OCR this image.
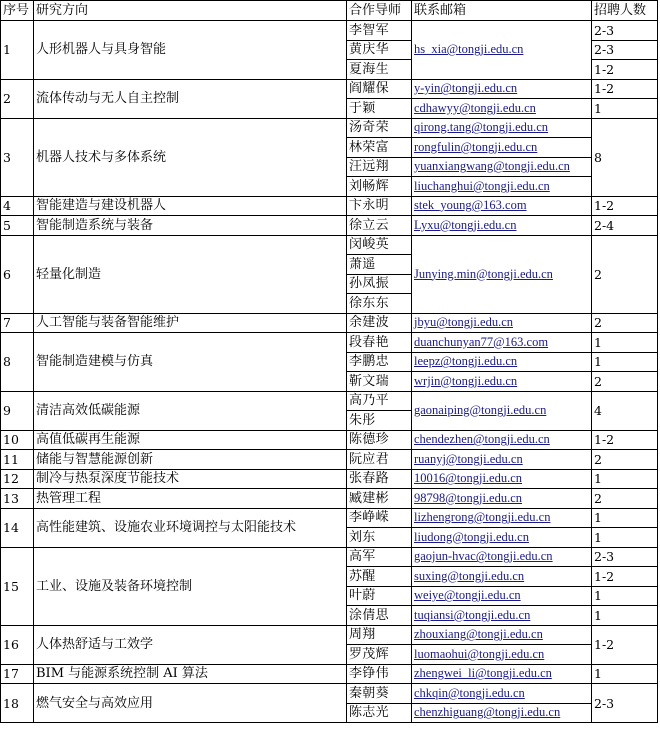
序号	研究方向	合作导师	联系邮箱	招聘人数
1	人形机器人与具身智能	李智军	hs_xia@tongji.edu.cn	2-3
		黄庆华		2-3
		夏海生		1-2
2	流体传动与无人自主控制	阎耀保	y-yin@tongji.edu.cn	1-2
		于颖	cdhawyy@tongji.edu.cn	1
3	机器人技术与多体系统	汤奇荣	qirong.tang@tongji.edu.cn	8
		林荣富	rongfulin@tongji.edu.cn	
		汪远翔	yuanxiangwang@tongji.edu.cn	
		刘畅辉	liuchanghui@tongji.edu.cn	
4	智能建造与建设机器人	卞永明	stek_young@163.com	1-2
5	智能制造系统与装备	徐立云	Lyxu@tongji.edu.cn	2-4
6	轻量化制造	闵峻英	Junying.min@tongji.edu.cn	2
		萧遥		
		孙凤振		
		徐东东		
7	人工智能与装备智能维护	余建波	jbyu@tongji.edu.cn	2
8	智能制造建模与仿真	段春艳	duanchunyan77@163.com	1
		李鹏忠	leepz@tongji.edu.cn	1
		靳文瑞	wrjin@tongji.edu.cn	2
9	清洁高效低碳能源	高乃平	gaonaiping@tongji.edu.cn	4
		朱彤		
10	高值低碳再生能源	陈德珍	chendezhen@tongji.edu.cn	1-2
11	储能与智慧能源创新	阮应君	ruanyj@tongji.edu.cn	2
12	制冷与热泵深度节能技术	张春路	10016@tongji.edu.cn	1
13	热管理工程	臧建彬	98798@tongji.edu.cn	2
14	高性能建筑、设施农业环境调控与太阳能技术	李峥嵘	lizhengrong@tongji.edu.cn	1
		刘东	liudong@tongji.edu.cn	1
15	工业、设施及装备环境控制	高军	gaojun-hvac@tongji.edu.cn	2-3
		苏醒	suxing@tongji.edu.cn	1-2
		叶蔚	weiye@tongji.edu.cn	1
		涂倩思	tuqiansi@tongji.edu.cn	1
16	人体热舒适与工效学	周翔	zhouxiang@tongji.edu.cn	1-2
		罗茂辉	luomaohui@tongji.edu.cn	
17	BIM 与能源系统控制 AI 算法	李铮伟	zhengwei_li@tongji.edu.cn	1
18	燃气安全与高效应用	秦朝葵	chkqin@tongji.edu.cn	2-3
		陈志光	chenzhiguang@tongji.edu.cn	
